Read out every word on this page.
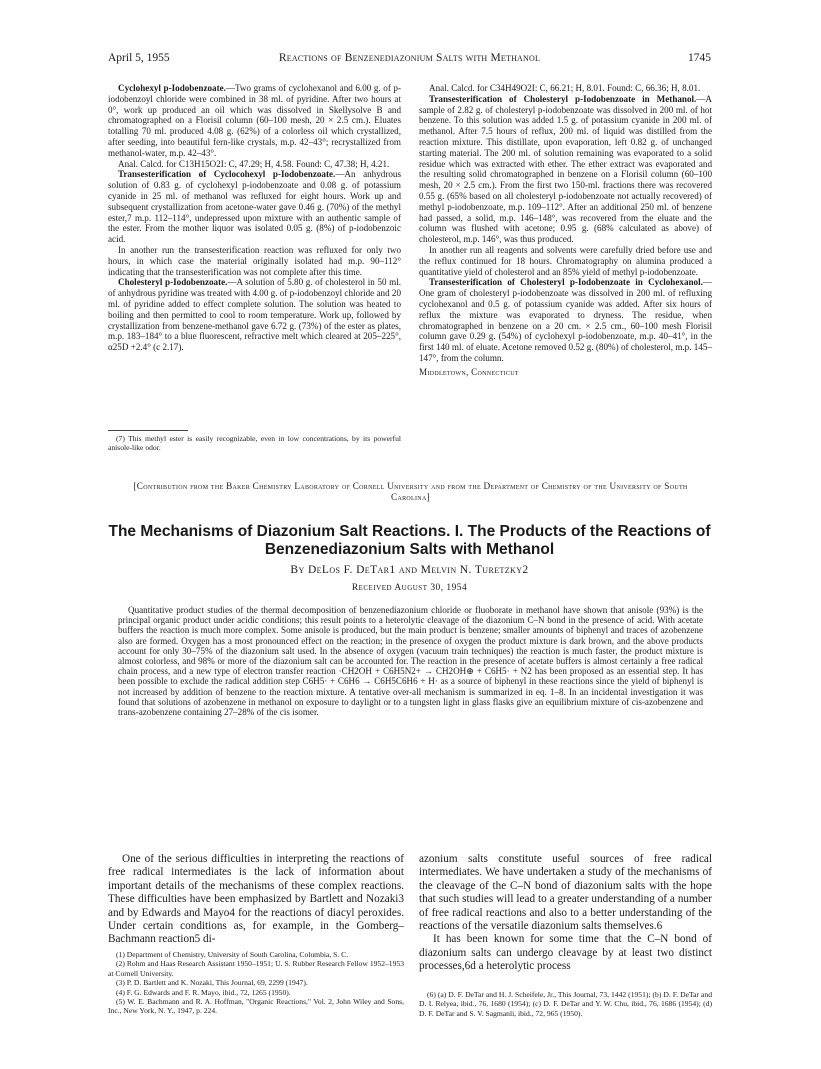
April 5, 1955	Reactions of Benzenediazonium Salts with Methanol	1745

Cyclohexyl p-Iodobenzoate.—Two grams of cyclohexanol and 6.00 g. of p-iodobenzoyl chloride were combined in 38 ml. of pyridine. After two hours at 0°, work up produced an oil which was dissolved in Skellysolve B and chromatographed on a Florisil column (60–100 mesh, 20 × 2.5 cm.). Eluates totalling 70 ml. produced 4.08 g. (62%) of a colorless oil which crystallized, after seeding, into beautiful fern-like crystals, m.p. 42–43°; recrystallized from methanol-water, m.p. 42–43°.

Anal. Calcd. for C13H15O2I: C, 47.29; H, 4.58. Found: C, 47.38; H, 4.21.

Transesterification of Cyclocohexyl p-Iodobenzoate.—An anhydrous solution of 0.83 g. of cyclohexyl p-iodobenzoate and 0.08 g. of potassium cyanide in 25 ml. of methanol was refluxed for eight hours. Work up and subsequent crystallization from acetone-water gave 0.46 g. (70%) of the methyl ester,7 m.p. 112–114°, undepressed upon mixture with an authentic sample of the ester. From the mother liquor was isolated 0.05 g. (8%) of p-iodobenzoic acid.

In another run the transesterification reaction was refluxed for only two hours, in which case the material originally isolated had m.p. 90–112° indicating that the transesterification was not complete after this time.

Cholesteryl p-Iodobenzoate.—A solution of 5.80 g. of cholesterol in 50 ml. of anhydrous pyridine was treated with 4.00 g. of p-iodobenzoyl chloride and 20 ml. of pyridine added to effect complete solution. The solution was heated to boiling and then permitted to cool to room temperature. Work up, followed by crystallization from benzene-methanol gave 6.72 g. (73%) of the ester as plates, m.p. 183–184° to a blue fluorescent, refractive melt which cleared at 205–225°, α25D +2.4° (c 2.17).

(7) This methyl ester is easily recognizable, even in low concentrations, by its powerful anisole-like odor.

Anal. Calcd. for C34H49O2I: C, 66.21; H, 8.01. Found: C, 66.36; H, 8.01.

Transesterification of Cholesteryl p-Iodobenzoate in Methanol.—A sample of 2.82 g. of cholesteryl p-iodobenzoate was dissolved in 200 ml. of hot benzene. To this solution was added 1.5 g. of potassium cyanide in 200 ml. of methanol. After 7.5 hours of reflux, 200 ml. of liquid was distilled from the reaction mixture. This distillate, upon evaporation, left 0.82 g. of unchanged starting material. The 200 ml. of solution remaining was evaporated to a solid residue which was extracted with ether. The ether extract was evaporated and the resulting solid chromatographed in benzene on a Florisil column (60–100 mesh, 20 × 2.5 cm.). From the first two 150-ml. fractions there was recovered 0.55 g. (65% based on all cholesteryl p-iodobenzoate not actually recovered) of methyl p-iodobenzoate, m.p. 109–112°. After an additional 250 ml. of benzene had passed, a solid, m.p. 146–148°, was recovered from the eluate and the column was flushed with acetone; 0.95 g. (68% calculated as above) of cholesterol, m.p. 146°, was thus produced.

In another run all reagents and solvents were carefully dried before use and the reflux continued for 18 hours. Chromatography on alumina produced a quantitative yield of cholesterol and an 85% yield of methyl p-iodobenzoate.

Transesterification of Cholesteryl p-Iodobenzoate in Cyclohexanol.—One gram of cholesteryl p-iodobenzoate was dissolved in 200 ml. of refluxing cyclohexanol and 0.5 g. of potassium cyanide was added. After six hours of reflux the mixture was evaporated to dryness. The residue, when chromatographed in benzene on a 20 cm. × 2.5 cm., 60–100 mesh Florisil column gave 0.29 g. (54%) of cyclohexyl p-iodobenzoate, m.p. 40–41°, in the first 140 ml. of eluate. Acetone removed 0.52 g. (80%) of cholesterol, m.p. 145–147°, from the column.

Middletown, Connecticut

[Contribution from the Baker Chemistry Laboratory of Cornell University and from the Department of Chemistry of the University of South Carolina]
The Mechanisms of Diazonium Salt Reactions. I. The Products of the Reactions of
Benzenediazonium Salts with Methanol
By DeLos F. DeTar1 and Melvin N. Turetzky2
Received August 30, 1954

Quantitative product studies of the thermal decomposition of benzenediazonium chloride or fluoborate in methanol have shown that anisole (93%) is the principal organic product under acidic conditions; this result points to a heterolytic cleavage of the diazonium C–N bond in the presence of acid. With acetate buffers the reaction is much more complex. Some anisole is produced, but the main product is benzene; smaller amounts of biphenyl and traces of azobenzene also are formed. Oxygen has a most pronounced effect on the reaction; in the presence of oxygen the product mixture is dark brown, and the above products account for only 30–75% of the diazonium salt used. In the absence of oxygen (vacuum train techniques) the reaction is much faster, the product mixture is almost colorless, and 98% or more of the diazonium salt can be accounted for. The reaction in the presence of acetate buffers is almost certainly a free radical chain process, and a new type of electron transfer reaction ·CH2OH + C6H5N2+ → CH2OH⊕ + C6H5· + N2 has been proposed as an essential step. It has been possible to exclude the radical addition step C6H5· + C6H6 → C6H5C6H6 + H· as a source of biphenyl in these reactions since the yield of biphenyl is not increased by addition of benzene to the reaction mixture. A tentative over-all mechanism is summarized in eq. 1–8. In an incidental investigation it was found that solutions of azobenzene in methanol on exposure to daylight or to a tungsten light in glass flasks give an equilibrium mixture of cis-azobenzene and trans-azobenzene containing 27–28% of the cis isomer.

One of the serious difficulties in interpreting the reactions of free radical intermediates is the lack of information about important details of the mechanisms of these complex reactions. These difficulties have been emphasized by Bartlett and Nozaki3 and by Edwards and Mayo4 for the reactions of diacyl peroxides. Under certain conditions as, for example, in the Gomberg–Bachmann reaction5 di-

(1) Department of Chemistry, University of South Carolina, Columbia, S. C.

(2) Rohm and Haas Research Assistant 1950–1951; U. S. Rubber Research Fellow 1952–1953 at Cornell University.

(3) P. D. Bartlett and K. Nozaki, This Journal, 69, 2299 (1947).

(4) F. G. Edwards and F. R. Mayo, ibid., 72, 1265 (1950).

(5) W. E. Bachmann and R. A. Hoffman, "Organic Reactions," Vol. 2, John Wiley and Sons, Inc., New York, N. Y., 1947, p. 224.

azonium salts constitute useful sources of free radical intermediates. We have undertaken a study of the mechanisms of the cleavage of the C–N bond of diazonium salts with the hope that such studies will lead to a greater understanding of a number of free radical reactions and also to a better understanding of the reactions of the versatile diazonium salts themselves.6

It has been known for some time that the C–N bond of diazonium salts can undergo cleavage by at least two distinct processes,6d a heterolytic process

(6) (a) D. F. DeTar and H. J. Scheifele, Jr., This Journal, 73, 1442 (1951); (b) D. F. DeTar and D. I. Relyea, ibid., 76, 1680 (1954); (c) D. F. DeTar and Y. W. Chu, ibid., 76, 1686 (1954); (d) D. F. DeTar and S. V. Sagmanli, ibid., 72, 965 (1950).
